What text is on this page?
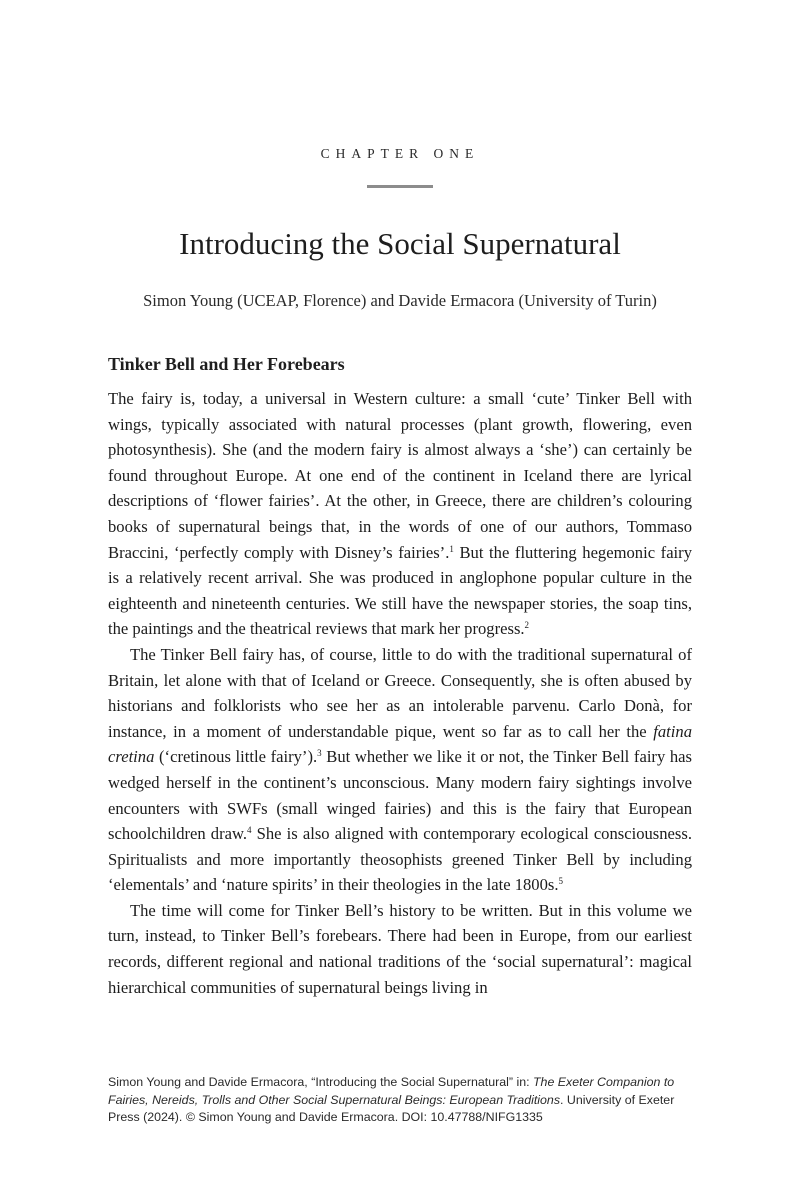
CHAPTER ONE

Introducing the Social Supernatural

Simon Young (UCEAP, Florence) and Davide Ermacora (University of Turin)

Tinker Bell and Her Forebears

The fairy is, today, a universal in Western culture: a small ‘cute’ Tinker Bell with wings, typically associated with natural processes (plant growth, flowering, even photosynthesis). She (and the modern fairy is almost always a ‘she’) can certainly be found throughout Europe. At one end of the continent in Iceland there are lyrical descriptions of ‘flower fairies’. At the other, in Greece, there are children’s colouring books of supernatural beings that, in the words of one of our authors, Tommaso Braccini, ‘perfectly comply with Disney’s fairies’.$^1$ But the fluttering hegemonic fairy is a relatively recent arrival. She was produced in anglophone popular culture in the eighteenth and nineteenth centuries. We still have the newspaper stories, the soap tins, the paintings and the theatrical reviews that mark her progress.$^2$

The Tinker Bell fairy has, of course, little to do with the traditional supernatural of Britain, let alone with that of Iceland or Greece. Consequently, she is often abused by historians and folklorists who see her as an intolerable parvenu. Carlo Donà, for instance, in a moment of understandable pique, went so far as to call her the fatina cretina (‘cretinous little fairy’).$^3$ But whether we like it or not, the Tinker Bell fairy has wedged herself in the continent’s unconscious. Many modern fairy sightings involve encounters with SWFs (small winged fairies) and this is the fairy that European schoolchildren draw.$^4$ She is also aligned with contemporary ecological consciousness. Spiritualists and more importantly theosophists greened Tinker Bell by including ‘elementals’ and ‘nature spirits’ in their theologies in the late 1800s.$^5$

The time will come for Tinker Bell’s history to be written. But in this volume we turn, instead, to Tinker Bell’s forebears. There had been in Europe, from our earliest records, different regional and national traditions of the ‘social supernatural’: magical hierarchical communities of supernatural beings living in

Simon Young and Davide Ermacora, “Introducing the Social Supernatural” in: The Exeter Companion to Fairies, Nereids, Trolls and Other Social Supernatural Beings: European Traditions. University of Exeter Press (2024). © Simon Young and Davide Ermacora. DOI: 10.47788/NIFG1335
